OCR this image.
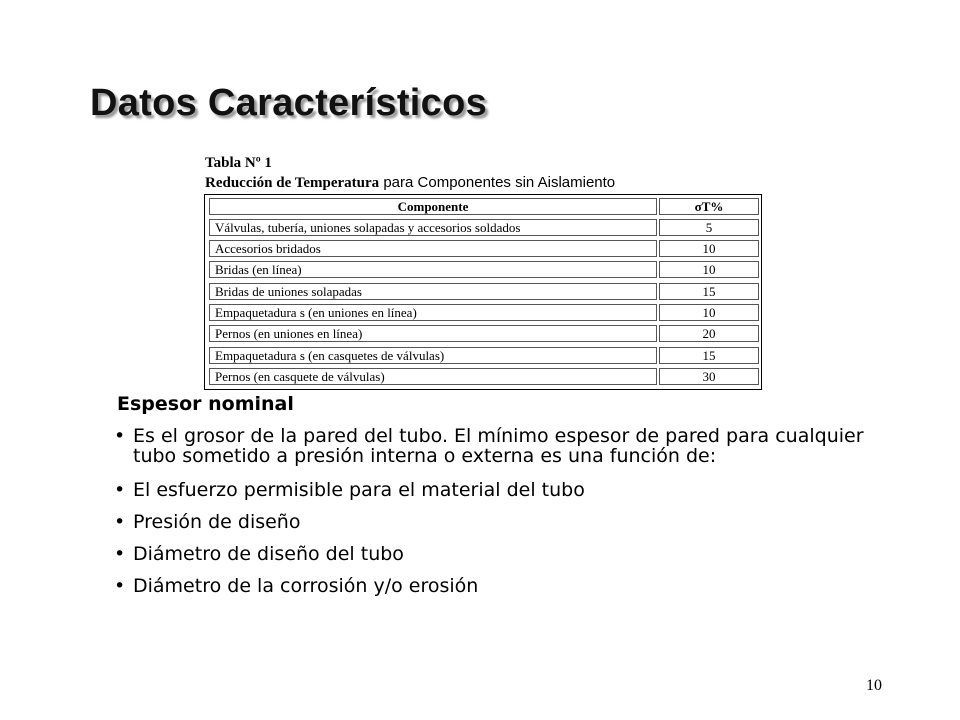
Datos Característicos
Tabla Nº 1
Reducción de Temperatura para Componentes sin Aislamiento
Componente	σT%
Válvulas, tubería, uniones solapadas y accesorios soldados	5
Accesorios bridados	10
Bridas (en línea)	10
Bridas de uniones solapadas	15
Empaquetadura s (en uniones en línea)	10
Pernos (en uniones en línea)	20
Empaquetadura s (en casquetes de válvulas)	15
Pernos (en casquete de válvulas)	30
Espesor nominal
• Es el grosor de la pared del tubo. El mínimo espesor de pared para cualquier tubo sometido a presión interna o externa es una función de:
• El esfuerzo permisible para el material del tubo
• Presión de diseño
• Diámetro de diseño del tubo
• Diámetro de la corrosión y/o erosión
10
